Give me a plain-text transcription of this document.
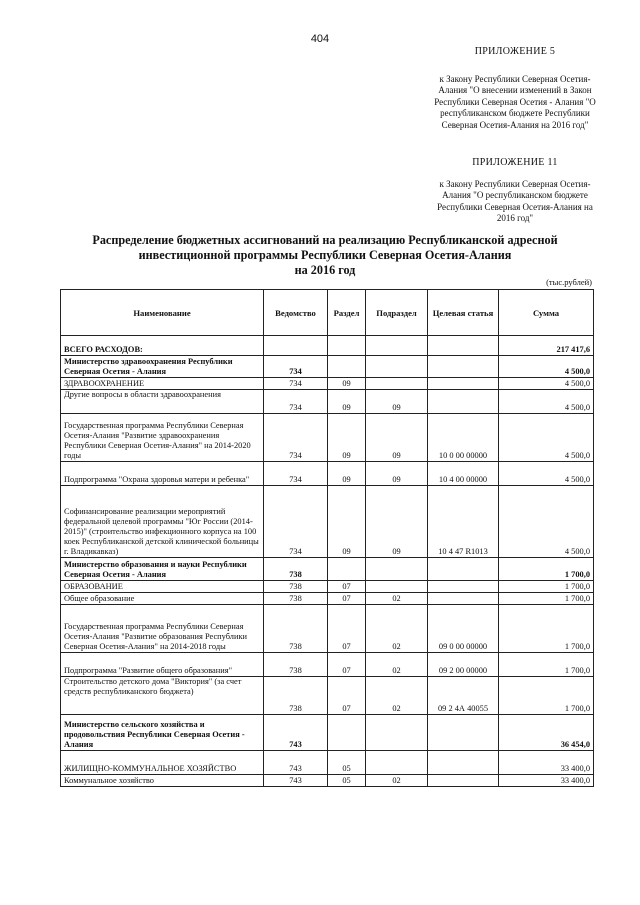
404
ПРИЛОЖЕНИЕ 5
к Закону Республики Северная Осетия-Алания "О внесении изменений в Закон Республики Северная Осетия - Алания "О республиканском бюджете Республики Северная Осетия-Алания на 2016 год"
ПРИЛОЖЕНИЕ 11
к Закону Республики Северная Осетия-Алания "О республиканском бюджете Республики Северная Осетия-Алания на 2016 год"
Распределение бюджетных ассигнований на реализацию Республиканской адресной
инвестиционной программы Республики Северная Осетия-Алания
на 2016 год
(тыс.рублей)
Наименование	Ведомство	Раздел	Подраздел	Целевая статья	Сумма
ВСЕГО РАСХОДОВ:					217 417,6
Министерство здравоохранения Республики Северная Осетия - Алания	734				4 500,0
ЗДРАВООХРАНЕНИЕ	734	09			4 500,0
Другие вопросы в области здравоохранения	734	09	09		4 500,0
Государственная программа Республики Северная Осетия-Алания "Развитие здравоохранения Республики Северная Осетия-Алания" на 2014-2020 годы	734	09	09	10 0 00 00000	4 500,0
Подпрограмма "Охрана здоровья матери и ребенка"	734	09	09	10 4 00 00000	4 500,0
Софинансирование реализации мероприятий федеральной целевой программы "Юг России (2014-2015)" (строительство инфекционного корпуса на 100 коек Республиканской детской клинической больницы г. Владикавказ)	734	09	09	10 4 47 R1013	4 500,0
Министерство образования и науки Республики Северная Осетия - Алания	738				1 700,0
ОБРАЗОВАНИЕ	738	07			1 700,0
Общее образование	738	07	02		1 700,0
Государственная программа Республики Северная Осетия-Алания "Развитие образования Республики Северная Осетия-Алания" на 2014-2018 годы	738	07	02	09 0 00 00000	1 700,0
Подпрограмма "Развитие общего образования"	738	07	02	09 2 00 00000	1 700,0
Строительство детского дома "Виктория" (за счет средств республиканского бюджета)	738	07	02	09 2 4А 40055	1 700,0
Министерство сельского хозяйства и продовольствия Республики Северная Осетия - Алания	743				36 454,0
ЖИЛИЩНО-КОММУНАЛЬНОЕ ХОЗЯЙСТВО	743	05			33 400,0
Коммунальное хозяйство	743	05	02		33 400,0
